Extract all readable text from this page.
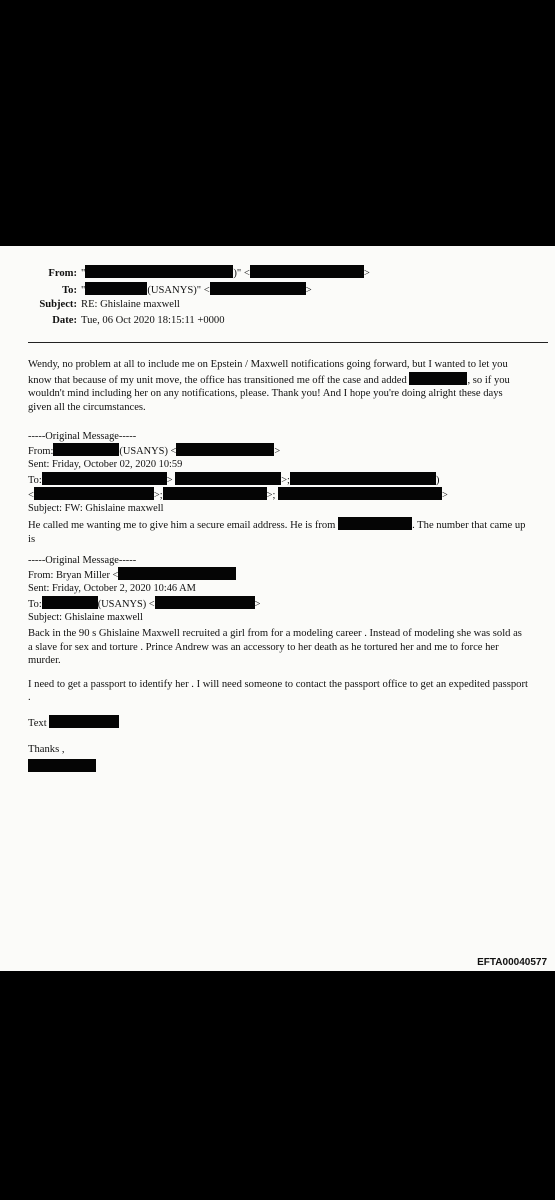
From: "	)" <	>
To: "	(USANYS)" <	>
Subject: RE: Ghislaine maxwell
Date: Tue, 06 Oct 2020 18:15:11 +0000

Wendy, no problem at all to include me on Epstein / Maxwell notifications going forward, but I wanted to let you know that because of my unit move, the office has transitioned me off the case and added	, so if you wouldn't mind including her on any notifications, please. Thank you! And I hope you're doing alright these days given all the circumstances.

-----Original Message-----
From:	(USANYS) <	>
Sent: Friday, October 02, 2020 10:59
To:	>	>;	)
<	>;	>;	>
Subject: FW: Ghislaine maxwell

He called me wanting me to give him a secure email address. He is from	. The number that came up is

-----Original Message-----
From: Bryan Miller <
Sent: Friday, October 2, 2020 10:46 AM
To:	(USANYS) <	>
Subject: Ghislaine maxwell

Back in the 90 s Ghislaine Maxwell recruited a girl from for a modeling career . Instead of modeling she was sold as a slave for sex and torture . Prince Andrew was an accessory to her death as he tortured her and me to force her murder.

I need to get a passport to identify her . I will need someone to contact the passport office to get an expedited passport .

Text

Thanks ,

EFTA00040577
